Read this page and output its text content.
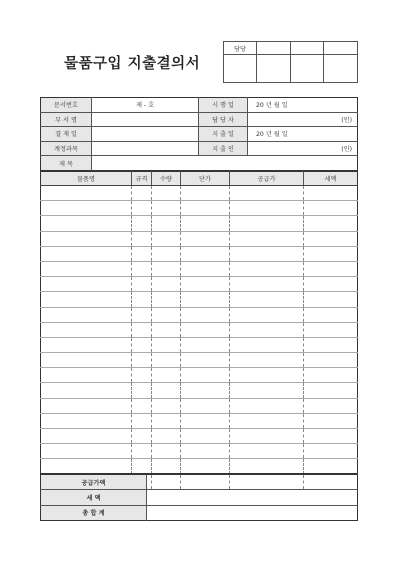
물품구입 지출결의서
담당			

문서번호	제 - 호	시 행 일	20 년 월 일
부 서 명		담 당 자	(인)
결 재 일		지 출 일	20 년 월 일
계정과목		지 출 인	(인)
제 목			
물품명	규격	수량	단가	공급가	세액

공급가액	
세 액	
총 합 계	
